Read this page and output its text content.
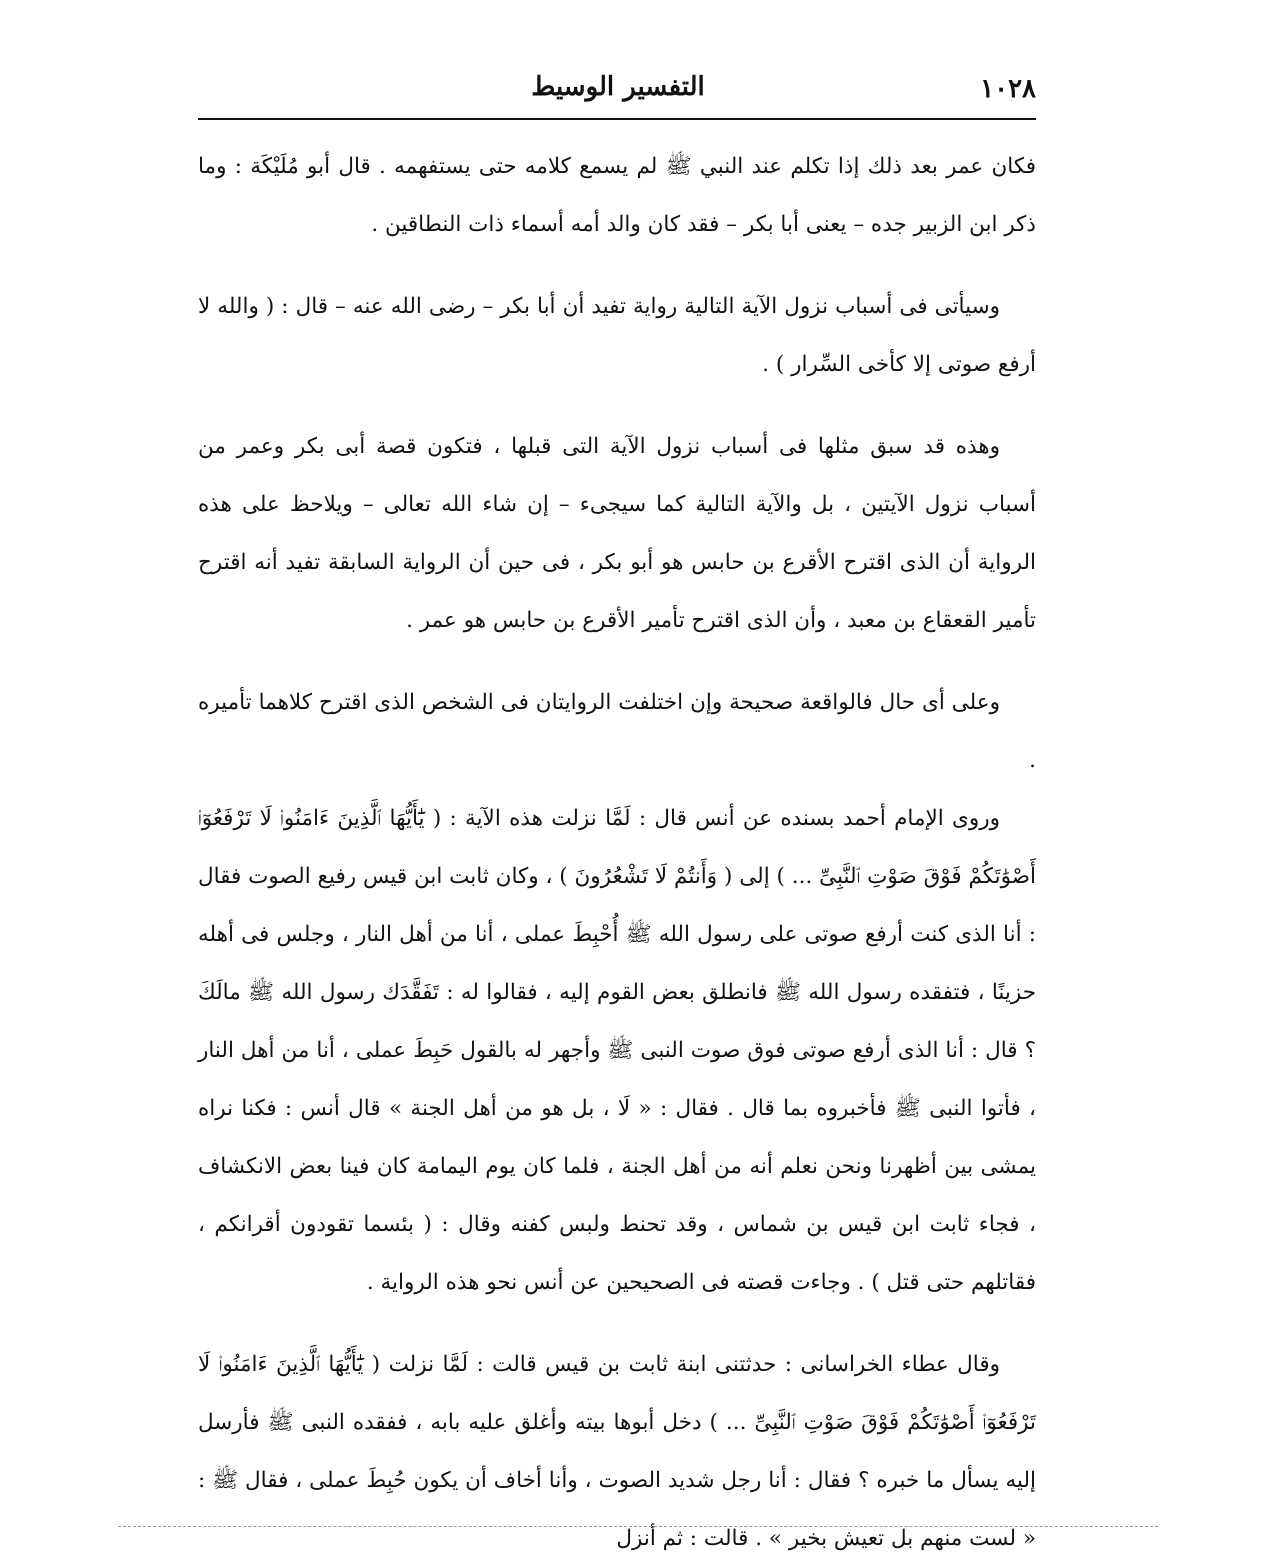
١٠٢٨
التفسير الوسيط

فكان عمر بعد ذلك إذا تكلم عند النبي ﷺ لم يسمع كلامه حتى يستفهمه . قال أبو مُلَيْكَة : وما ذكر ابن الزبير جده – يعنى أبا بكر – فقد كان والد أمه أسماء ذات النطاقين .

وسيأتى فى أسباب نزول الآية التالية رواية تفيد أن أبا بكر – رضى الله عنه – قال : ( والله لا أرفع صوتى إلا كأخى السِّرار ) .

وهذه قد سبق مثلها فى أسباب نزول الآية التى قبلها ، فتكون قصة أبى بكر وعمر من أسباب نزول الآيتين ، بل والآية التالية كما سيجىء – إن شاء الله تعالى – ويلاحظ على هذه الرواية أن الذى اقترح الأقرع بن حابس هو أبو بكر ، فى حين أن الرواية السابقة تفيد أنه اقترح تأمير القعقاع بن معبد ، وأن الذى اقترح تأمير الأقرع بن حابس هو عمر .

وعلى أى حال فالواقعة صحيحة وإن اختلفت الروايتان فى الشخص الذى اقترح كلاهما تأميره .

وروى الإمام أحمد بسنده عن أنس قال : لَمَّا نزلت هذه الآية : ( يَٰٓأَيُّهَا ٱلَّذِينَ ءَامَنُوا۟ لَا تَرْفَعُوٓا۟ أَصْوَٰتَكُمْ فَوْقَ صَوْتِ ٱلنَّبِىِّ ... ) إلى ( وَأَنتُمْ لَا تَشْعُرُونَ ) ، وكان ثابت ابن قيس رفيع الصوت فقال : أنا الذى كنت أرفع صوتى على رسول الله ﷺ أُحْبِطَ عملى ، أنا من أهل النار ، وجلس فى أهله حزينًا ، فتفقده رسول الله ﷺ فانطلق بعض القوم إليه ، فقالوا له : تَفَقَّدَك رسول الله ﷺ مالَكَ ؟ قال : أنا الذى أرفع صوتى فوق صوت النبى ﷺ وأجهر له بالقول حَبِطَ عملى ، أنا من أهل النار ، فأتوا النبى ﷺ فأخبروه بما قال . فقال : « لَا ، بل هو من أهل الجنة » قال أنس : فكنا نراه يمشى بين أظهرنا ونحن نعلم أنه من أهل الجنة ، فلما كان يوم اليمامة كان فينا بعض الانكشاف ، فجاء ثابت ابن قيس بن شماس ، وقد تحنط ولبس كفنه وقال : ( بئسما تقودون أقرانكم ، فقاتلهم حتى قتل ) . وجاءت قصته فى الصحيحين عن أنس نحو هذه الرواية .

وقال عطاء الخراسانى : حدثتنى ابنة ثابت بن قيس قالت : لَمَّا نزلت ( يَٰٓأَيُّهَا ٱلَّذِينَ ءَامَنُوا۟ لَا تَرْفَعُوٓا۟ أَصْوَٰتَكُمْ فَوْقَ صَوْتِ ٱلنَّبِىِّ ... ) دخل أبوها بيته وأغلق عليه بابه ، ففقده النبى ﷺ فأرسل إليه يسأل ما خبره ؟ فقال : أنا رجل شديد الصوت ، وأنا أخاف أن يكون حُبِطَ عملى ، فقال ﷺ : « لست منهم بل تعيش بخير » . قالت : ثم أنزل
